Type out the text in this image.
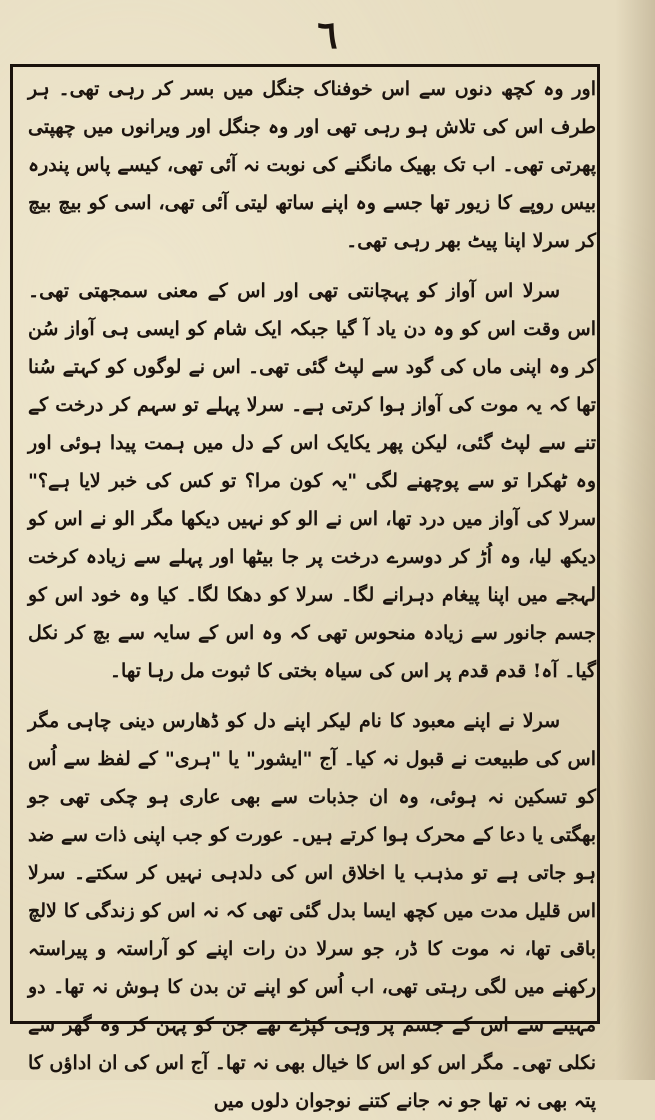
٦

اور وہ کچھ دنوں سے اس خوفناک جنگل میں بسر کر رہی تھی۔ ہر طرف اس کی تلاش ہو رہی تھی اور وہ جنگل اور ویرانوں میں چھپتی پھرتی تھی۔ اب تک بھیک مانگنے کی نوبت نہ آئی تھی، کیسے پاس پندرہ بیس روپے کا زیور تھا جسے وہ اپنے ساتھ لیتی آئی تھی، اسی کو بیچ بیچ کر سرلا اپنا پیٹ بھر رہی تھی۔

سرلا اس آواز کو پہچانتی تھی اور اس کے معنی سمجھتی تھی۔ اس وقت اس کو وہ دن یاد آ گیا جبکہ ایک شام کو ایسی ہی آواز سُن کر وہ اپنی ماں کی گود سے لپٹ گئی تھی۔ اس نے لوگوں کو کہتے سُنا تھا کہ یہ موت کی آواز ہوا کرتی ہے۔ سرلا پہلے تو سہم کر درخت کے تنے سے لپٹ گئی، لیکن پھر یکایک اس کے دل میں ہمت پیدا ہوئی اور وہ ٹھکرا تو سے پوچھنے لگی "یہ کون مرا؟ تو کس کی خبر لایا ہے؟" سرلا کی آواز میں درد تھا، اس نے الو کو نہیں دیکھا مگر الو نے اس کو دیکھ لیا، وہ اُڑ کر دوسرے درخت پر جا بیٹھا اور پہلے سے زیادہ کرخت لہجے میں اپنا پیغام دہرانے لگا۔ سرلا کو دھکا لگا۔ کیا وہ خود اس کو جسم جانور سے زیادہ منحوس تھی کہ وہ اس کے سایہ سے بچ کر نکل گیا۔ آہ! قدم قدم پر اس کی سیاہ بختی کا ثبوت مل رہا تھا۔

سرلا نے اپنے معبود کا نام لیکر اپنے دل کو ڈھارس دینی چاہی مگر اس کی طبیعت نے قبول نہ کیا۔ آج "ایشور" یا "ہری" کے لفظ سے اُس کو تسکین نہ ہوئی، وہ ان جذبات سے بھی عاری ہو چکی تھی جو بھگتی یا دعا کے محرک ہوا کرتے ہیں۔ عورت کو جب اپنی ذات سے ضد ہو جاتی ہے تو مذہب یا اخلاق اس کی دلدہی نہیں کر سکتے۔ سرلا اس قلیل مدت میں کچھ ایسا بدل گئی تھی کہ نہ اس کو زندگی کا لالچ باقی تھا، نہ موت کا ڈر، جو سرلا دن رات اپنے کو آراستہ و پیراستہ رکھنے میں لگی رہتی تھی، اب اُس کو اپنے تن بدن کا ہوش نہ تھا۔ دو مہینے سے اس کے جسم پر وہی کپڑے تھے جن کو پہن کر وہ گھر سے نکلی تھی۔ مگر اس کو اس کا خیال بھی نہ تھا۔ آج اس کی ان اداؤں کا پتہ بھی نہ تھا جو نہ جانے کتنے نوجوان دلوں میں
